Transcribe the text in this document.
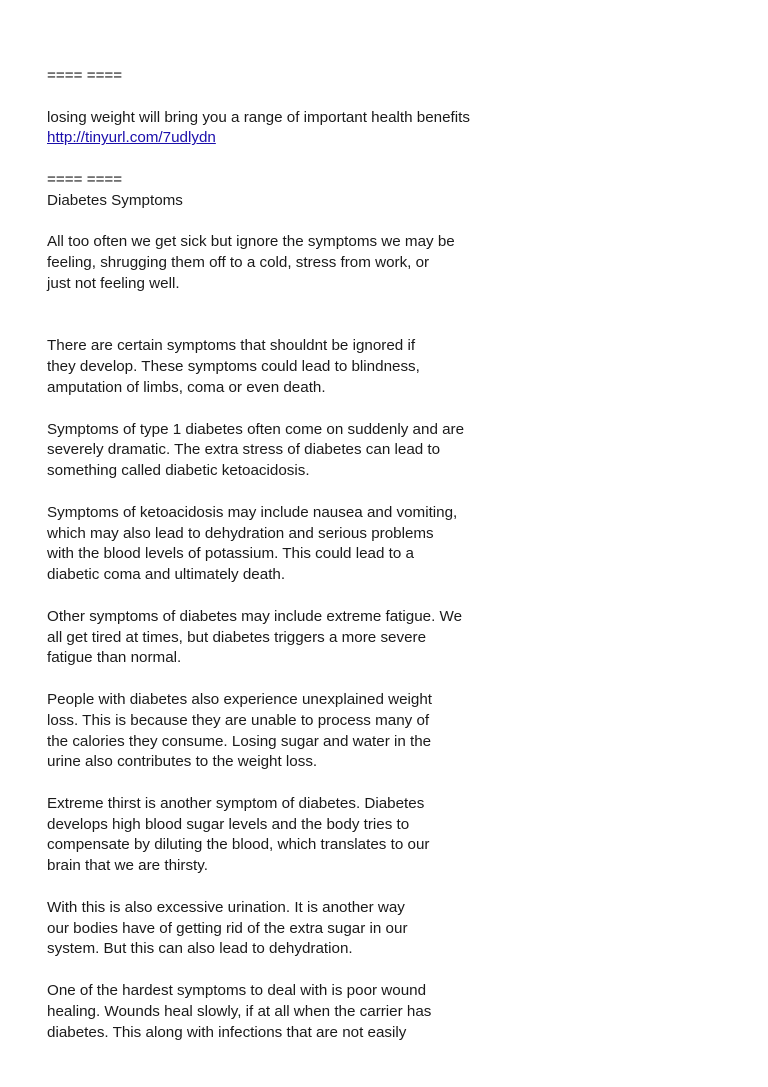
==== ====
losing weight will bring you a range of important health benefits
http://tinyurl.com/7udlydn
==== ====
Diabetes Symptoms
All too often we get sick but ignore the symptoms we may be
feeling, shrugging them off to a cold, stress from work, or
just not feeling well.
There are certain symptoms that shouldnt be ignored if
they develop. These symptoms could lead to blindness,
amputation of limbs, coma or even death.
Symptoms of type 1 diabetes often come on suddenly and are
severely dramatic. The extra stress of diabetes can lead to
something called diabetic ketoacidosis.
Symptoms of ketoacidosis may include nausea and vomiting,
which may also lead to dehydration and serious problems
with the blood levels of potassium. This could lead to a
diabetic coma and ultimately death.
Other symptoms of diabetes may include extreme fatigue. We
all get tired at times, but diabetes triggers a more severe
fatigue than normal.
People with diabetes also experience unexplained weight
loss. This is because they are unable to process many of
the calories they consume. Losing sugar and water in the
urine also contributes to the weight loss.
Extreme thirst is another symptom of diabetes. Diabetes
develops high blood sugar levels and the body tries to
compensate by diluting the blood, which translates to our
brain that we are thirsty.
With this is also excessive urination. It is another way
our bodies have of getting rid of the extra sugar in our
system. But this can also lead to dehydration.
One of the hardest symptoms to deal with is poor wound
healing. Wounds heal slowly, if at all when the carrier has
diabetes. This along with infections that are not easily
